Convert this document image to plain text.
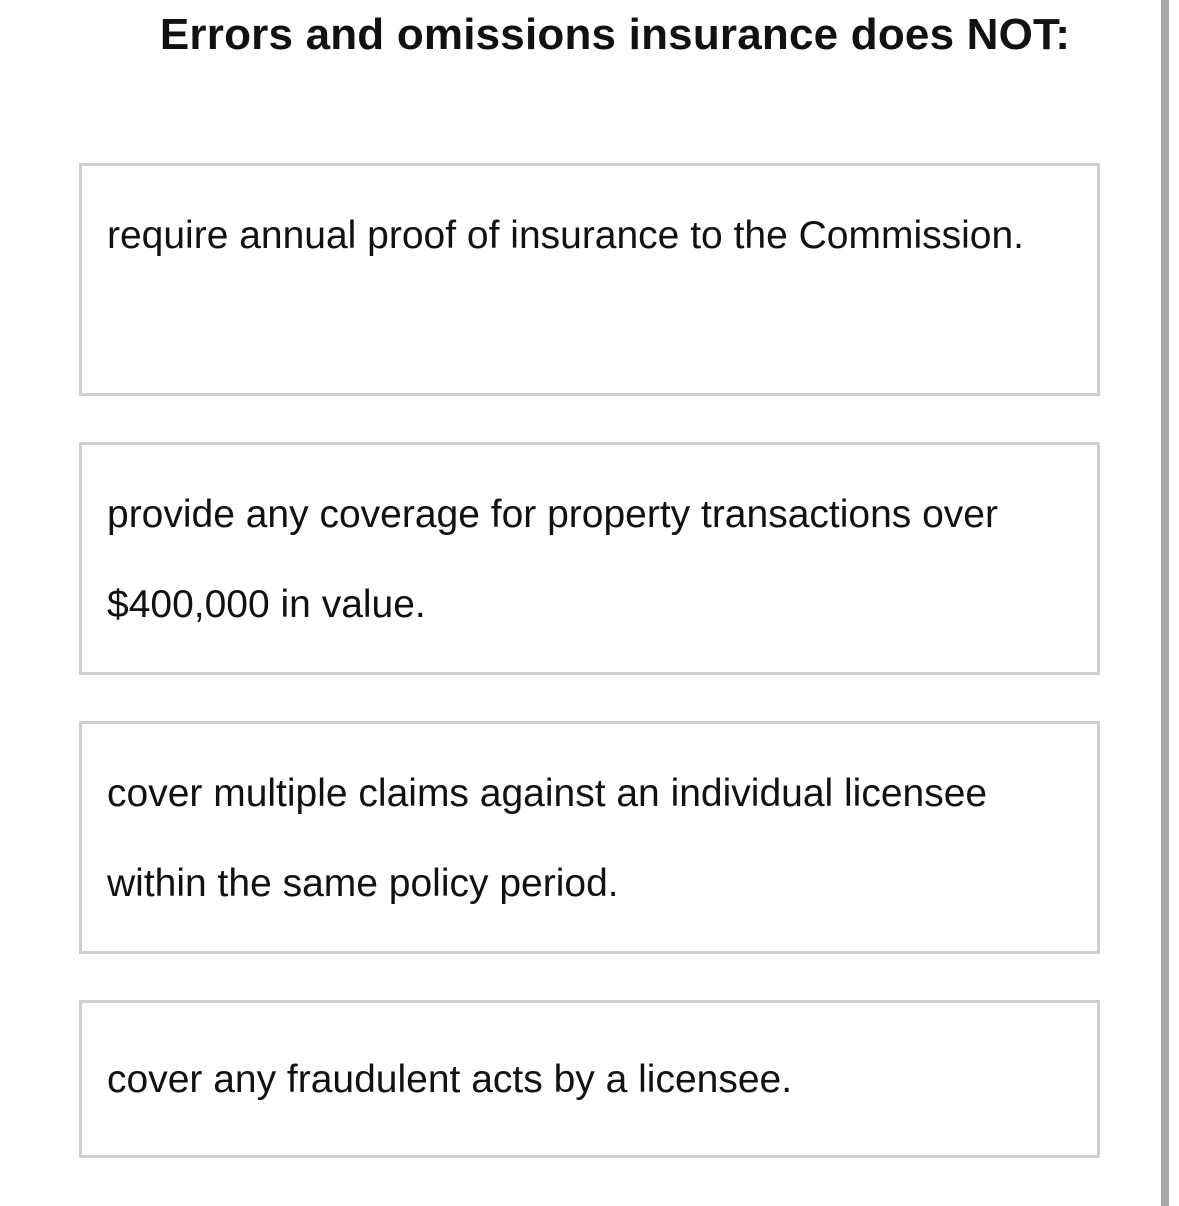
Errors and omissions insurance does NOT:
require annual proof of insurance to the Commission.
provide any coverage for property transactions over $400,000 in value.
cover multiple claims against an individual licensee within the same policy period.
cover any fraudulent acts by a licensee.
